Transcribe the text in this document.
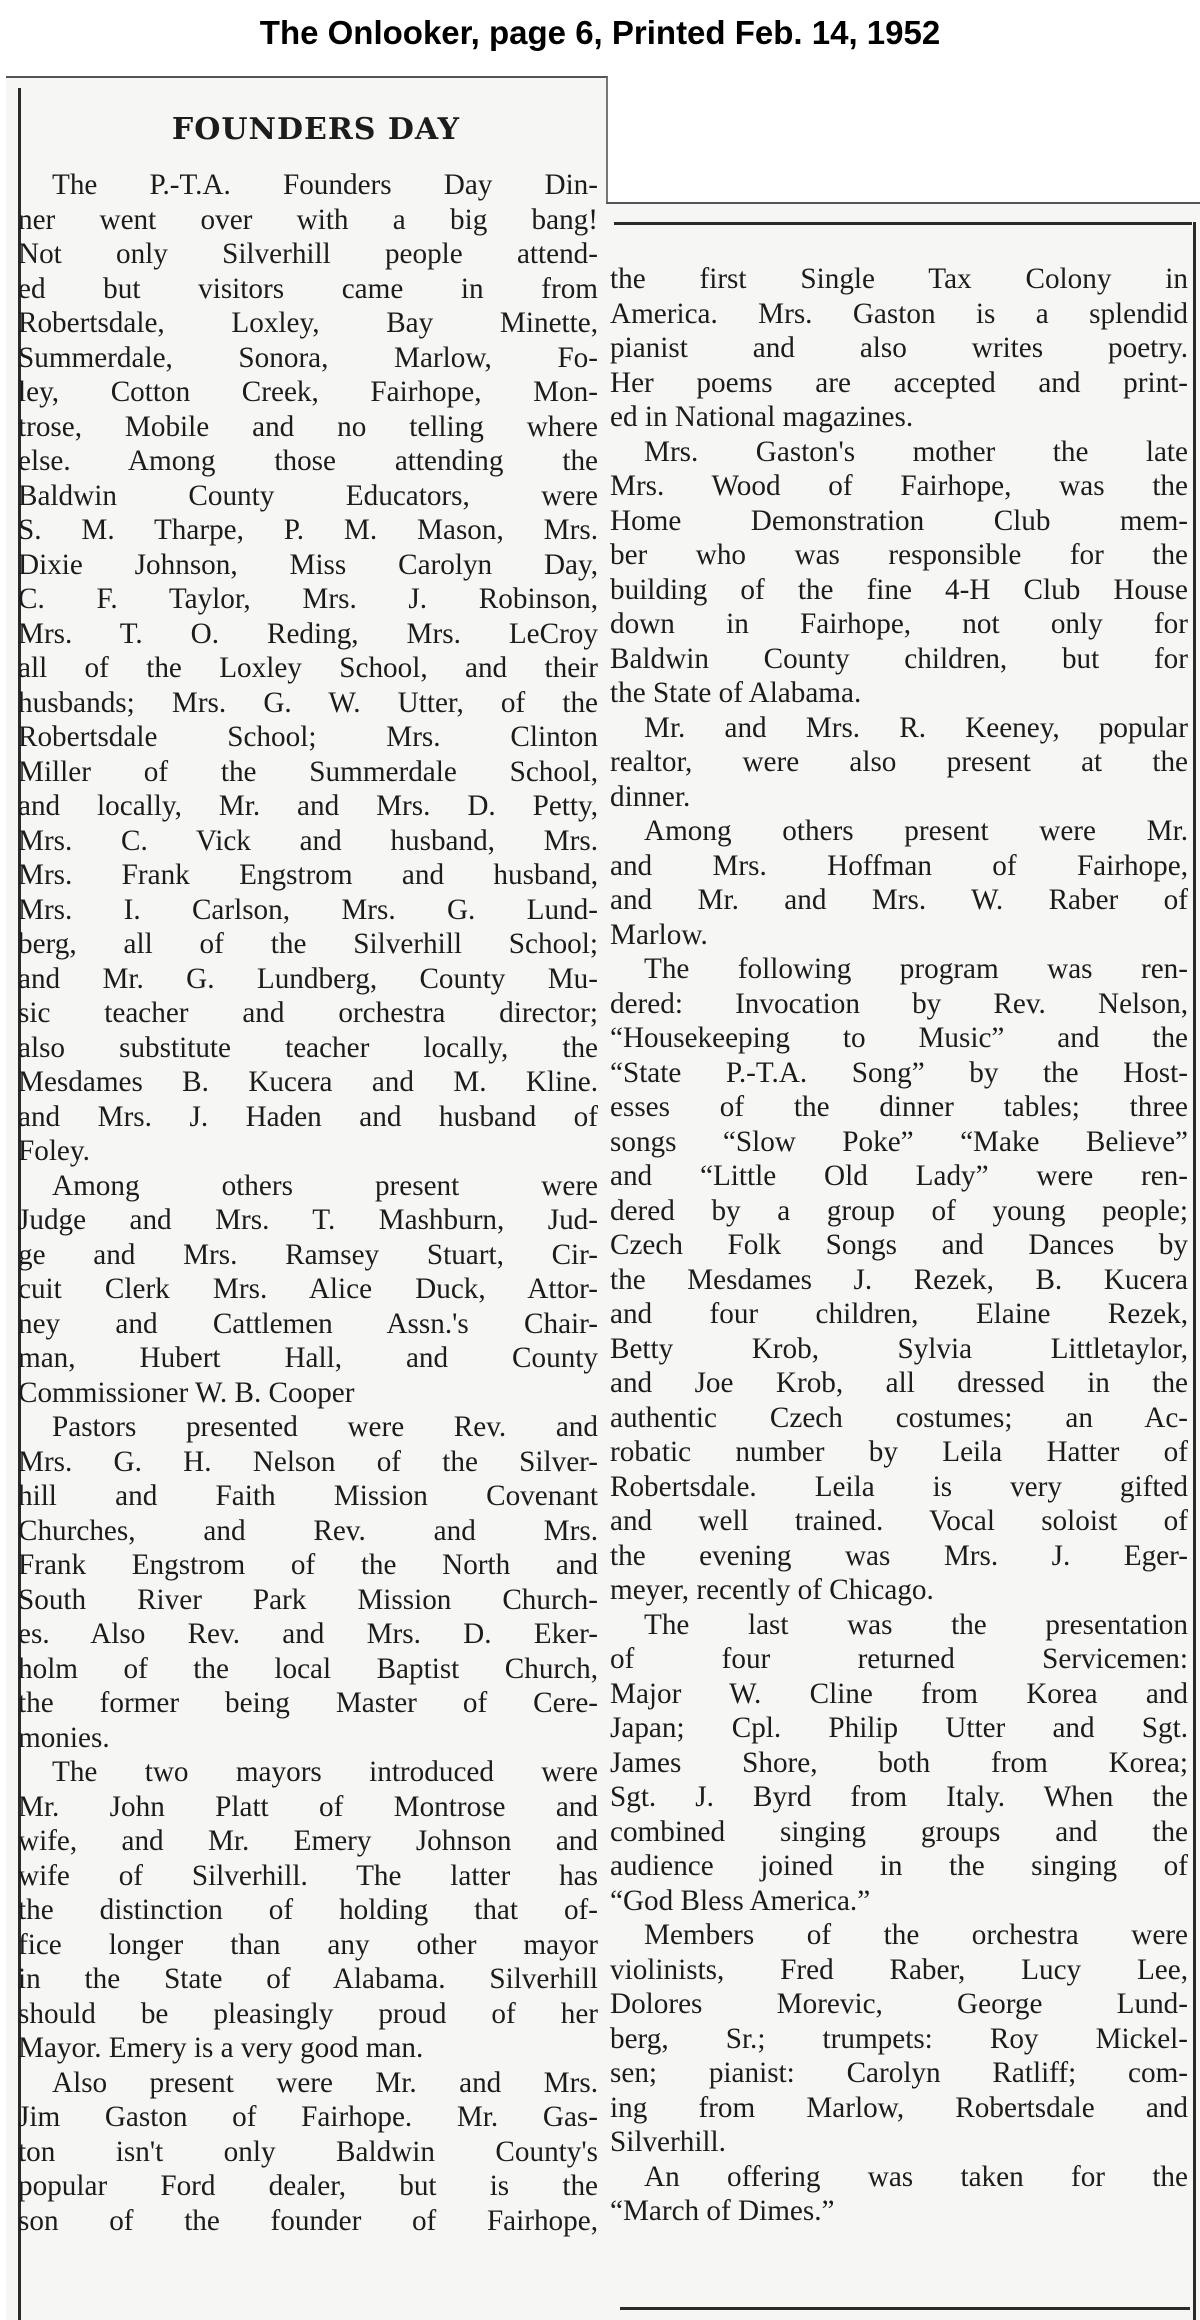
The Onlooker, page 6, Printed Feb. 14, 1952
FOUNDERS DAY
The P.-T.A. Founders Day Din-
ner went over with a big bang!
Not only Silverhill people attend-
ed but visitors came in from
Robertsdale, Loxley, Bay Minette,
Summerdale, Sonora, Marlow, Fo-
ley, Cotton Creek, Fairhope, Mon-
trose, Mobile and no telling where
else. Among those attending the
Baldwin County Educators, were
S. M. Tharpe, P. M. Mason, Mrs.
Dixie Johnson, Miss Carolyn Day,
C. F. Taylor, Mrs. J. Robinson,
Mrs. T. O. Reding, Mrs. LeCroy
all of the Loxley School, and their
husbands; Mrs. G. W. Utter, of the
Robertsdale School; Mrs. Clinton
Miller of the Summerdale School,
and locally, Mr. and Mrs. D. Petty,
Mrs. C. Vick and husband, Mrs.
Mrs. Frank Engstrom and husband,
Mrs. I. Carlson, Mrs. G. Lund-
berg, all of the Silverhill School;
and Mr. G. Lundberg, County Mu-
sic teacher and orchestra director;
also substitute teacher locally, the
Mesdames B. Kucera and M. Kline.
and Mrs. J. Haden and husband of
Foley.
Among others present were
Judge and Mrs. T. Mashburn, Jud-
ge and Mrs. Ramsey Stuart, Cir-
cuit Clerk Mrs. Alice Duck, Attor-
ney and Cattlemen Assn.'s Chair-
man, Hubert Hall, and County
Commissioner W. B. Cooper
Pastors presented were Rev. and
Mrs. G. H. Nelson of the Silver-
hill and Faith Mission Covenant
Churches, and Rev. and Mrs.
Frank Engstrom of the North and
South River Park Mission Church-
es. Also Rev. and Mrs. D. Eker-
holm of the local Baptist Church,
the former being Master of Cere-
monies.
The two mayors introduced were
Mr. John Platt of Montrose and
wife, and Mr. Emery Johnson and
wife of Silverhill. The latter has
the distinction of holding that of-
fice longer than any other mayor
in the State of Alabama. Silverhill
should be pleasingly proud of her
Mayor. Emery is a very good man.
Also present were Mr. and Mrs.
Jim Gaston of Fairhope. Mr. Gas-
ton isn't only Baldwin County's
popular Ford dealer, but is the
son of the founder of Fairhope,
the first Single Tax Colony in
America. Mrs. Gaston is a splendid
pianist and also writes poetry.
Her poems are accepted and print-
ed in National magazines.
Mrs. Gaston's mother the late
Mrs. Wood of Fairhope, was the
Home Demonstration Club mem-
ber who was responsible for the
building of the fine 4-H Club House
down in Fairhope, not only for
Baldwin County children, but for
the State of Alabama.
Mr. and Mrs. R. Keeney, popular
realtor, were also present at the
dinner.
Among others present were Mr.
and Mrs. Hoffman of Fairhope,
and Mr. and Mrs. W. Raber of
Marlow.
The following program was ren-
dered: Invocation by Rev. Nelson,
“Housekeeping to Music” and the
“State P.-T.A. Song” by the Host-
esses of the dinner tables; three
songs “Slow Poke” “Make Believe”
and “Little Old Lady” were ren-
dered by a group of young people;
Czech Folk Songs and Dances by
the Mesdames J. Rezek, B. Kucera
and four children, Elaine Rezek,
Betty Krob, Sylvia Littletaylor,
and Joe Krob, all dressed in the
authentic Czech costumes; an Ac-
robatic number by Leila Hatter of
Robertsdale. Leila is very gifted
and well trained. Vocal soloist of
the evening was Mrs. J. Eger-
meyer, recently of Chicago.
The last was the presentation
of four returned Servicemen:
Major W. Cline from Korea and
Japan; Cpl. Philip Utter and Sgt.
James Shore, both from Korea;
Sgt. J. Byrd from Italy. When the
combined singing groups and the
audience joined in the singing of
“God Bless America.”
Members of the orchestra were
violinists, Fred Raber, Lucy Lee,
Dolores Morevic, George Lund-
berg, Sr.; trumpets: Roy Mickel-
sen; pianist: Carolyn Ratliff; com-
ing from Marlow, Robertsdale and
Silverhill.
An offering was taken for the
“March of Dimes.”
